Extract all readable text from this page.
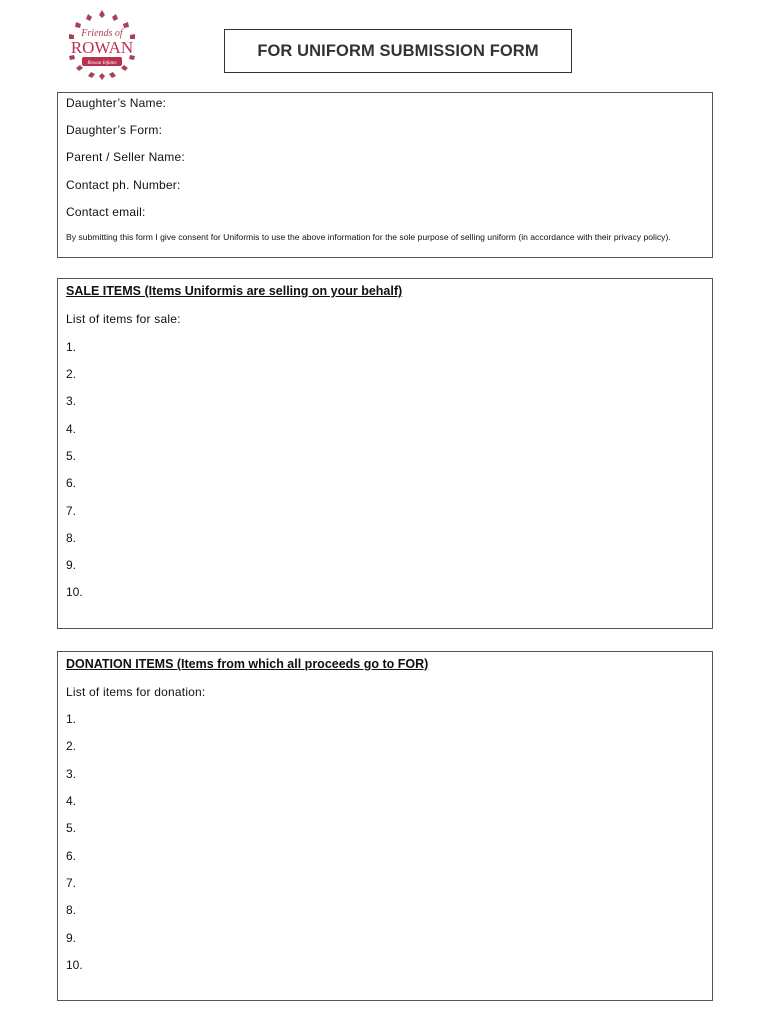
Friends of
ROWAN
Rowan Infants
FOR UNIFORM SUBMISSION FORM
Daughter’s Name:
Daughter’s Form:
Parent / Seller Name:
Contact ph. Number:
Contact email:
By submitting this form I give consent for Uniformis to use the above information for the sole purpose of selling uniform (in accordance with their privacy policy).
SALE ITEMS (Items Uniformis are selling on your behalf)
List of items for sale:
1.
2.
3.
4.
5.
6.
7.
8.
9.
10.
DONATION ITEMS (Items from which all proceeds go to FOR)
List of items for donation:
1.
2.
3.
4.
5.
6.
7.
8.
9.
10.
